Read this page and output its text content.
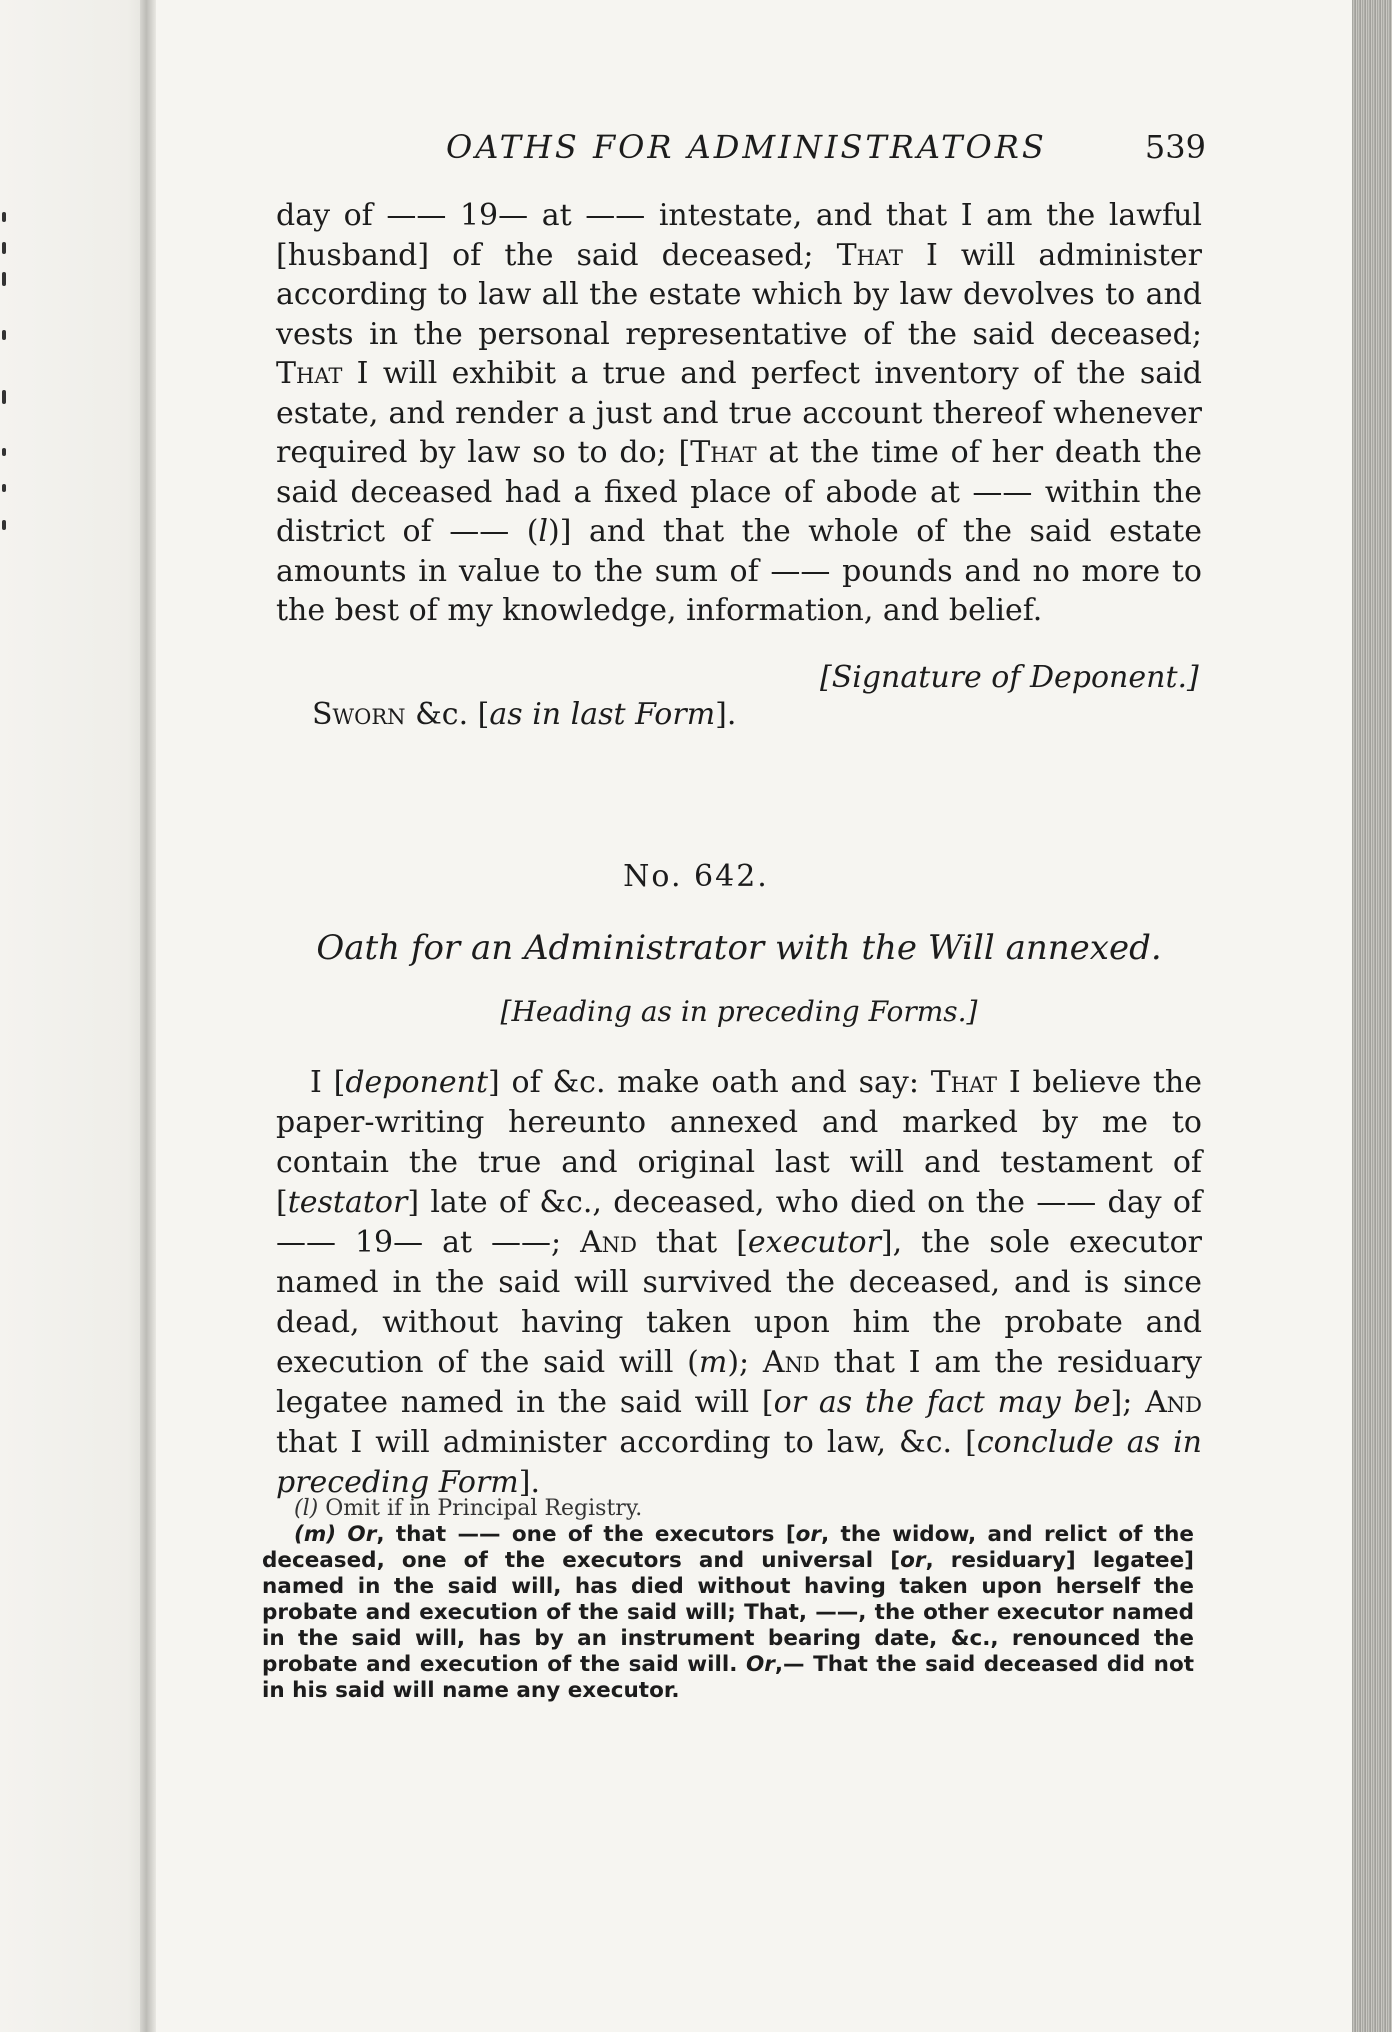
OATHS FOR ADMINISTRATORS	539

day of —— 19— at —— intestate, and that I am the lawful [husband] of the said deceased; That I will administer according to law all the estate which by law devolves to and vests in the personal representative of the said deceased; That I will exhibit a true and perfect inventory of the said estate, and render a just and true account thereof whenever required by law so to do; [That at the time of her death the said deceased had a fixed place of abode at —— within the district of —— (l)] and that the whole of the said estate amounts in value to the sum of —— pounds and no more to the best of my knowledge, information, and belief.

[Signature of Deponent.]
Sworn &c. [as in last Form].
No. 642.
Oath for an Administrator with the Will annexed.
[Heading as in preceding Forms.]

I [deponent] of &c. make oath and say: That I believe the paper-writing hereunto annexed and marked by me to contain the true and original last will and testament of [testator] late of &c., deceased, who died on the —— day of —— 19— at ——; And that [executor], the sole executor named in the said will survived the deceased, and is since dead, without having taken upon him the probate and execution of the said will (m); And that I am the residuary legatee named in the said will [or as the fact may be]; And that I will administer according to law, &c. [conclude as in preceding Form].

(l) Omit if in Principal Registry.

(m) Or, that —— one of the executors [or, the widow, and relict of the deceased, one of the executors and universal [or, residuary] legatee] named in the said will, has died without having taken upon herself the probate and execution of the said will; That, ——, the other executor named in the said will, has by an instrument bearing date, &c., renounced the probate and execution of the said will. Or,— That the said deceased did not in his said will name any executor.
